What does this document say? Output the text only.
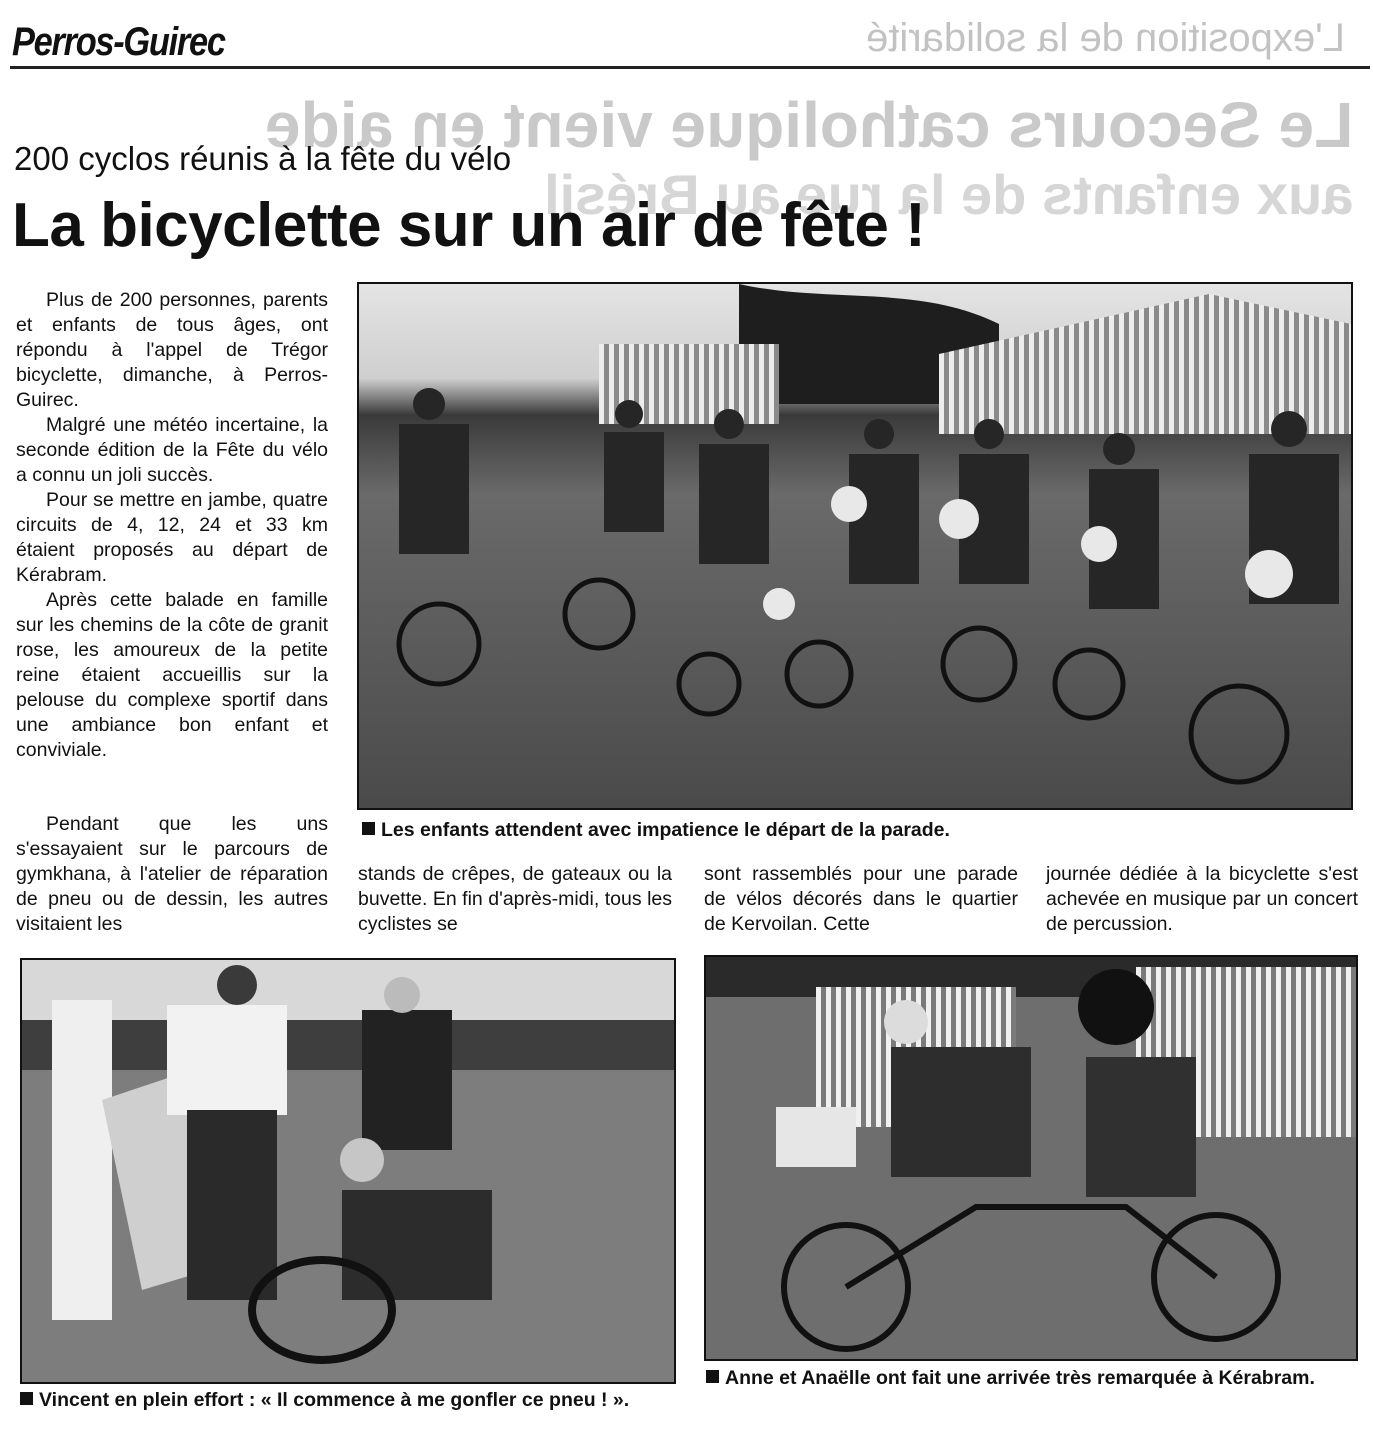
Perros-Guirec	L'exposition de la solidarité
Le Secours catholique vient en aide
aux enfants de la rue au Brésil
200 cyclos réunis à la fête du vélo
La bicyclette sur un air de fête !

Plus de 200 personnes, parents et enfants de tous âges, ont répondu à l'appel de Trégor bicyclette, dimanche, à Perros-Guirec.

Malgré une météo incertaine, la seconde édition de la Fête du vélo a connu un joli succès.

Pour se mettre en jambe, quatre circuits de 4, 12, 24 et 33 km étaient proposés au départ de Kérabram.

Après cette balade en famille sur les chemins de la côte de granit rose, les amoureux de la petite reine étaient accueillis sur la pelouse du complexe sportif dans une ambiance bon enfant et conviviale.

Pendant que les uns s'essayaient sur le parcours de gymkhana, à l'atelier de réparation de pneu ou de dessin, les autres visitaient les

stands de crêpes, de gateaux ou la buvette. En fin d'après-midi, tous les cyclistes se

sont rassemblés pour une parade de vélos décorés dans le quartier de Kervoilan. Cette

journée dédiée à la bicyclette s'est achevée en musique par un concert de percussion.

Les enfants attendent avec impatience le départ de la parade.
Vincent en plein effort : « Il commence à me gonfler ce pneu ! ».
Anne et Anaëlle ont fait une arrivée très remarquée à Kérabram.
